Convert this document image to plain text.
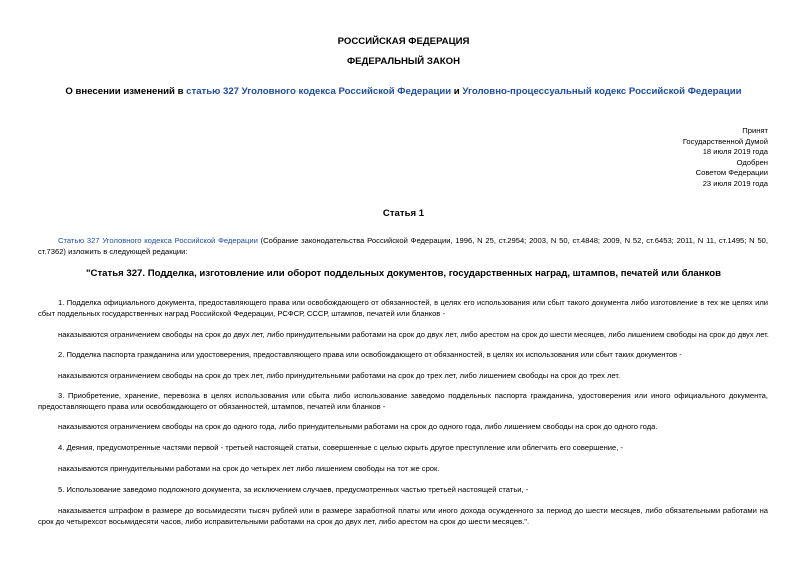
РОССИЙСКАЯ ФЕДЕРАЦИЯ
ФЕДЕРАЛЬНЫЙ ЗАКОН
О внесении изменений в статью 327 Уголовного кодекса Российской Федерации и Уголовно-процессуальный кодекс Российской Федерации
Принят
Государственной Думой
18 июля 2019 года
Одобрен
Советом Федерации
23 июля 2019 года
Статья 1
Статью 327 Уголовного кодекса Российской Федерации (Собрание законодательства Российской Федерации, 1996, N 25, ст.2954; 2003, N 50, ст.4848; 2009, N 52, ст.6453; 2011, N 11, ст.1495; N 50, ст.7362) изложить в следующей редакции:
"Статья 327. Подделка, изготовление или оборот поддельных документов, государственных наград, штампов, печатей или бланков
1. Подделка официального документа, предоставляющего права или освобождающего от обязанностей, в целях его использования или сбыт такого документа либо изготовление в тех же целях или сбыт поддельных государственных наград Российской Федерации, РСФСР, СССР, штампов, печатей или бланков -
наказываются ограничением свободы на срок до двух лет, либо принудительными работами на срок до двух лет, либо арестом на срок до шести месяцев, либо лишением свободы на срок до двух лет.
2. Подделка паспорта гражданина или удостоверения, предоставляющего права или освобождающего от обязанностей, в целях их использования или сбыт таких документов -
наказываются ограничением свободы на срок до трех лет, либо принудительными работами на срок до трех лет, либо лишением свободы на срок до трех лет.
3. Приобретение, хранение, перевозка в целях использования или сбыта либо использование заведомо поддельных паспорта гражданина, удостоверения или иного официального документа, предоставляющего права или освобождающего от обязанностей, штампов, печатей или бланков -
наказываются ограничением свободы на срок до одного года, либо принудительными работами на срок до одного года, либо лишением свободы на срок до одного года.
4. Деяния, предусмотренные частями первой - третьей настоящей статьи, совершенные с целью скрыть другое преступление или облегчить его совершение, -
наказываются принудительными работами на срок до четырех лет либо лишением свободы на тот же срок.
5. Использование заведомо подложного документа, за исключением случаев, предусмотренных частью третьей настоящей статьи, -
наказывается штрафом в размере до восьмидесяти тысяч рублей или в размере заработной платы или иного дохода осужденного за период до шести месяцев, либо обязательными работами на срок до четырехсот восьмидесяти часов, либо исправительными работами на срок до двух лет, либо арестом на срок до шести месяцев.".
